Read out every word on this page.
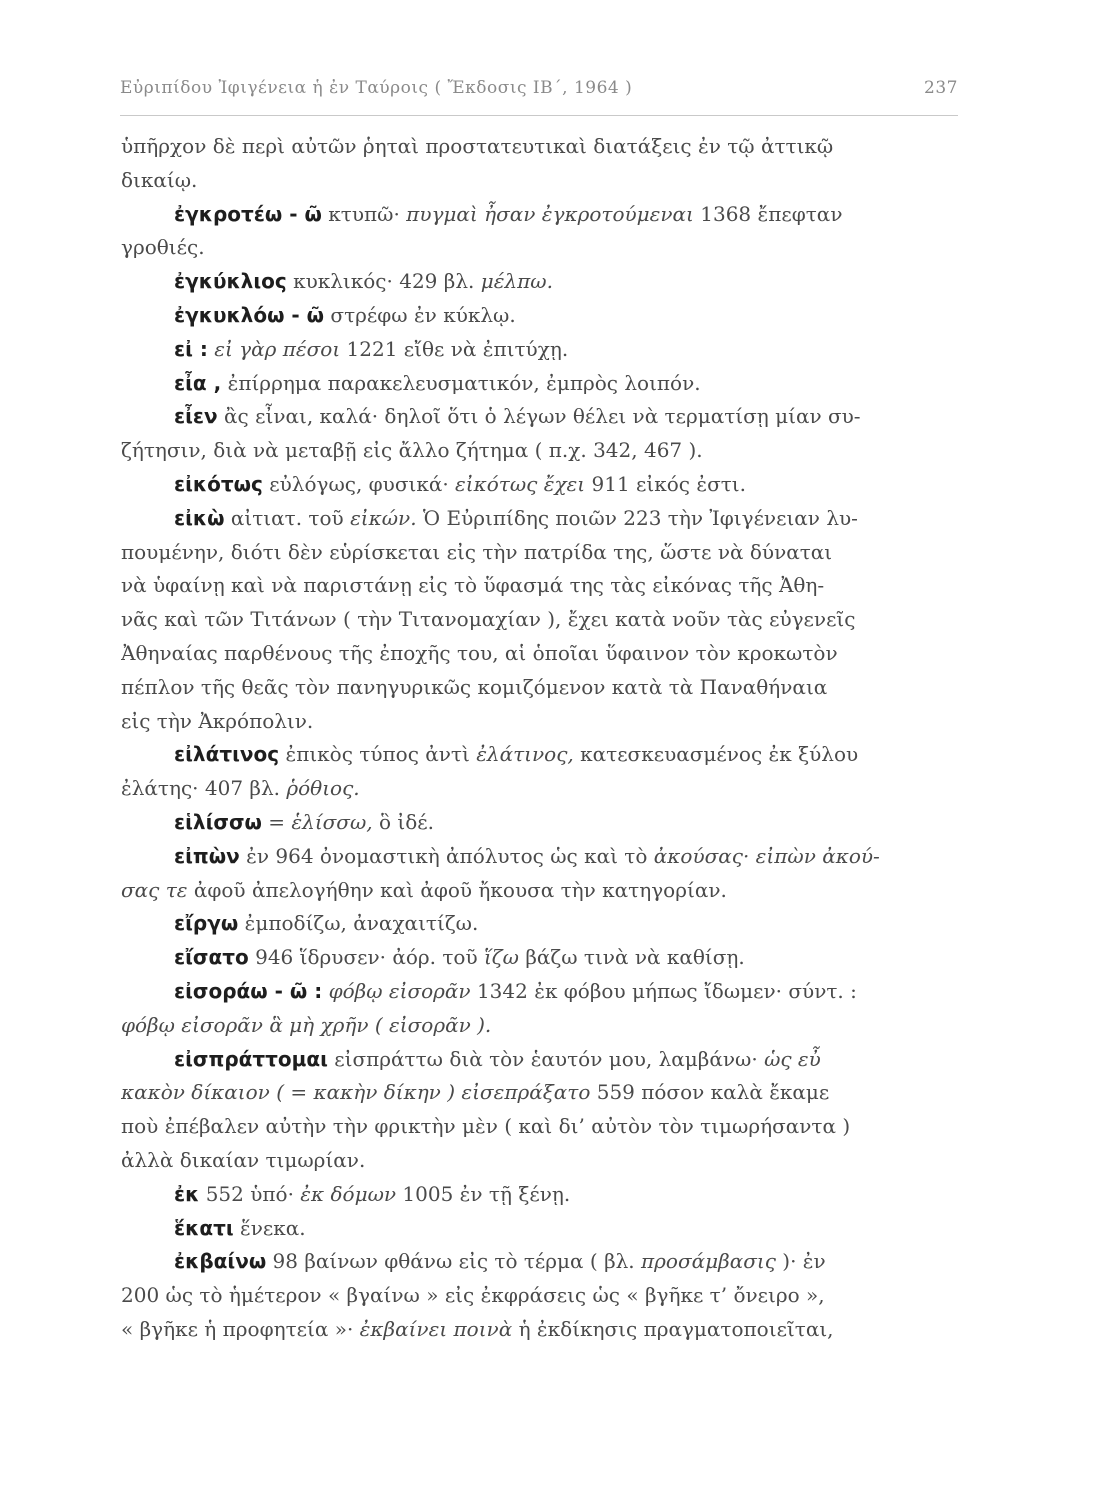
Εὐριπίδου Ἰφιγένεια ἡ ἐν Ταύροις ( Ἔκδοσις ΙΒ΄, 1964 )	237
ὑπῆρχον δὲ περὶ αὐτῶν ῥηταὶ προστατευτικαὶ διατάξεις ἐν τῷ ἀττικῷ
δικαίῳ.
ἐγκροτέω - ῶ κτυπῶ· πυγμαὶ ἦσαν ἐγκροτούμεναι 1368 ἔπεφταν
γροθιές.
ἐγκύκλιος κυκλικός· 429 βλ. μέλπω.
ἐγκυκλόω - ῶ στρέφω ἐν κύκλῳ.
εἰ : εἰ γὰρ πέσοι 1221 εἴθε νὰ ἐπιτύχῃ.
εἶα , ἐπίρρημα παρακελευσματικόν, ἐμπρὸς λοιπόν.
εἶεν ἂς εἶναι, καλά· δηλοῖ ὅτι ὁ λέγων θέλει νὰ τερματίσῃ μίαν συ-
ζήτησιν, διὰ νὰ μεταβῇ εἰς ἄλλο ζήτημα ( π.χ. 342, 467 ).
εἰκότως εὐλόγως, φυσικά· εἰκότως ἔχει 911 εἰκός ἐστι.
εἰκὼ αἰτιατ. τοῦ εἰκών. Ὁ Εὐριπίδης ποιῶν 223 τὴν Ἰφιγένειαν λυ-
πουμένην, διότι δὲν εὑρίσκεται εἰς τὴν πατρίδα της, ὥστε νὰ δύναται
νὰ ὑφαίνῃ καὶ νὰ παριστάνῃ εἰς τὸ ὕφασμά της τὰς εἰκόνας τῆς Ἀθη-
νᾶς καὶ τῶν Τιτάνων ( τὴν Τιτανομαχίαν ), ἔχει κατὰ νοῦν τὰς εὐγενεῖς
Ἀθηναίας παρθένους τῆς ἐποχῆς του, αἱ ὁποῖαι ὕφαινον τὸν κροκωτὸν
πέπλον τῆς θεᾶς τὸν πανηγυρικῶς κομιζόμενον κατὰ τὰ Παναθήναια
εἰς τὴν Ἀκρόπολιν.
εἰλάτινος ἐπικὸς τύπος ἀντὶ ἐλάτινος, κατεσκευασμένος ἐκ ξύλου
ἐλάτης· 407 βλ. ῥόθιος.
εἱλίσσω = ἑλίσσω, ὃ ἰδέ.
εἰπὼν ἐν 964 ὀνομαστικὴ ἀπόλυτος ὡς καὶ τὸ ἀκούσας· εἰπὼν ἀκού-
σας τε ἀφοῦ ἀπελογήθην καὶ ἀφοῦ ἤκουσα τὴν κατηγορίαν.
εἴργω ἐμποδίζω, ἀναχαιτίζω.
εἴσατο 946 ἵδρυσεν· ἀόρ. τοῦ ἵζω βάζω τινὰ νὰ καθίσῃ.
εἰσοράω - ῶ : φόβῳ εἰσορᾶν 1342 ἐκ φόβου μήπως ἴδωμεν· σύντ. :
φόβῳ εἰσορᾶν ἃ μὴ χρῆν ( εἰσορᾶν ).
εἰσπράττομαι εἰσπράττω διὰ τὸν ἑαυτόν μου, λαμβάνω· ὡς εὖ
κακὸν δίκαιον ( = κακὴν δίκην ) εἰσεπράξατο 559 πόσον καλὰ ἔκαμε
ποὺ ἐπέβαλεν αὐτὴν τὴν φρικτὴν μὲν ( καὶ δι’ αὐτὸν τὸν τιμωρήσαντα )
ἀλλὰ δικαίαν τιμωρίαν.
ἐκ 552 ὑπό· ἐκ δόμων 1005 ἐν τῇ ξένῃ.
ἕκατι ἕνεκα.
ἐκβαίνω 98 βαίνων φθάνω εἰς τὸ τέρμα ( βλ. προσάμβασις )· ἐν
200 ὡς τὸ ἡμέτερον « βγαίνω » εἰς ἐκφράσεις ὡς « βγῆκε τ’ ὄνειρο »,
« βγῆκε ἡ προφητεία »· ἐκβαίνει ποινὰ ἡ ἐκδίκησις πραγματοποιεῖται,
